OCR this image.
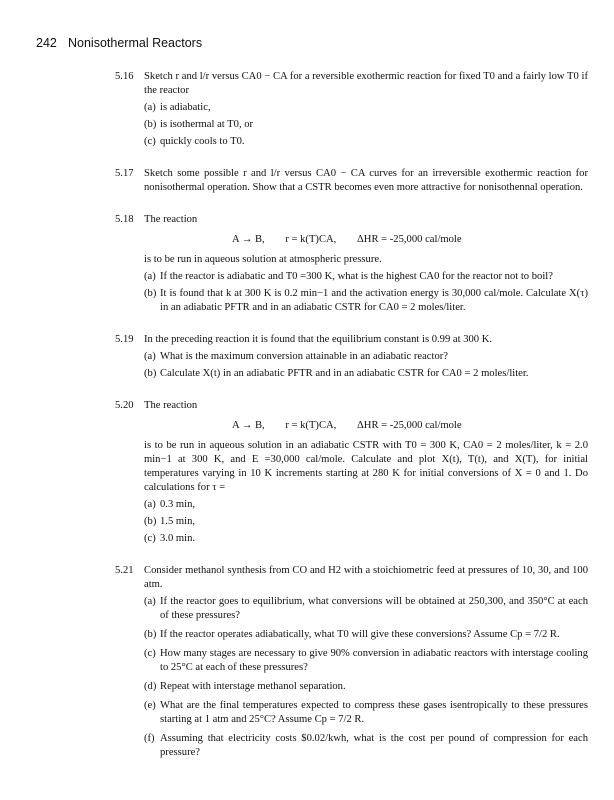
242 Nonisothermal Reactors
5.16 Sketch r and l/r versus CA0 − CA for a reversible exothermic reaction for fixed T0 and a fairly low T0 if the reactor

(a) is adiabatic,
(b) is isothermal at T0, or
(c) quickly cools to T0.
5.17 Sketch some possible r and l/r versus CA0 − CA curves for an irreversible exothermic reaction for nonisothermal operation. Show that a CSTR becomes even more attractive for nonisothennal operation.

5.18 The reaction

A → B, r = k(T)CA, ΔHR = -25,000 cal/mole

is to be run in aqueous solution at atmospheric pressure.

(a) If the reactor is adiabatic and T0 =300 K, what is the highest CA0 for the reactor not to boil?
(b) It is found that k at 300 K is 0.2 min−1 and the activation energy is 30,000 cal/mole. Calculate X(τ) in an adiabatic PFTR and in an adiabatic CSTR for CA0 = 2 moles/liter.
5.19 In the preceding reaction it is found that the equilibrium constant is 0.99 at 300 K.

(a) What is the maximum conversion attainable in an adiabatic reactor?
(b) Calculate X(t) in an adiabatic PFTR and in an adiabatic CSTR for CA0 = 2 moles/liter.
5.20 The reaction

A → B, r = k(T)CA, ΔHR = -25,000 cal/mole

is to be run in aqueous solution in an adiabatic CSTR with T0 = 300 K, CA0 = 2 moles/liter, k = 2.0 min−1 at 300 K, and E =30,000 cal/mole. Calculate and plot X(t), T(t), and X(T), for initial temperatures varying in 10 K increments starting at 280 K for initial conversions of X = 0 and 1. Do calculations for τ =

(a) 0.3 min,
(b) 1.5 min,
(c) 3.0 min.
5.21 Consider methanol synthesis from CO and H2 with a stoichiometric feed at pressures of 10, 30, and 100 atm.

(a) If the reactor goes to equilibrium, what conversions will be obtained at 250,300, and 350°C at each of these pressures?
(b) If the reactor operates adiabatically, what T0 will give these conversions? Assume Cp = 7/2 R.
(c) How many stages are necessary to give 90% conversion in adiabatic reactors with interstage cooling to 25°C at each of these pressures?
(d) Repeat with interstage methanol separation.
(e) What are the final temperatures expected to compress these gases isentropically to these pressures starting at 1 atm and 25°C? Assume Cp = 7/2 R.
(f) Assuming that electricity costs $0.02/kwh, what is the cost per pound of compression for each pressure?
